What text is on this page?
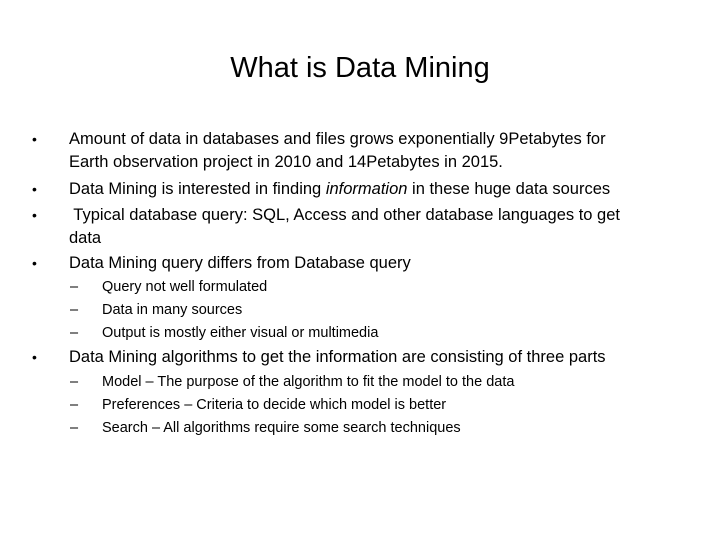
What is Data Mining
• Amount of data in databases and files grows exponentially 9Petabytes for
Earth observation project in 2010 and 14Petabytes in 2015.
• Data Mining is interested in finding information in these huge data sources
• Typical database query: SQL, Access and other database languages to get
data
• Data Mining query differs from Database query
– Query not well formulated
– Data in many sources
– Output is mostly either visual or multimedia
• Data Mining algorithms to get the information are consisting of three parts
– Model – The purpose of the algorithm to fit the model to the data
– Preferences – Criteria to decide which model is better
– Search – All algorithms require some search techniques
